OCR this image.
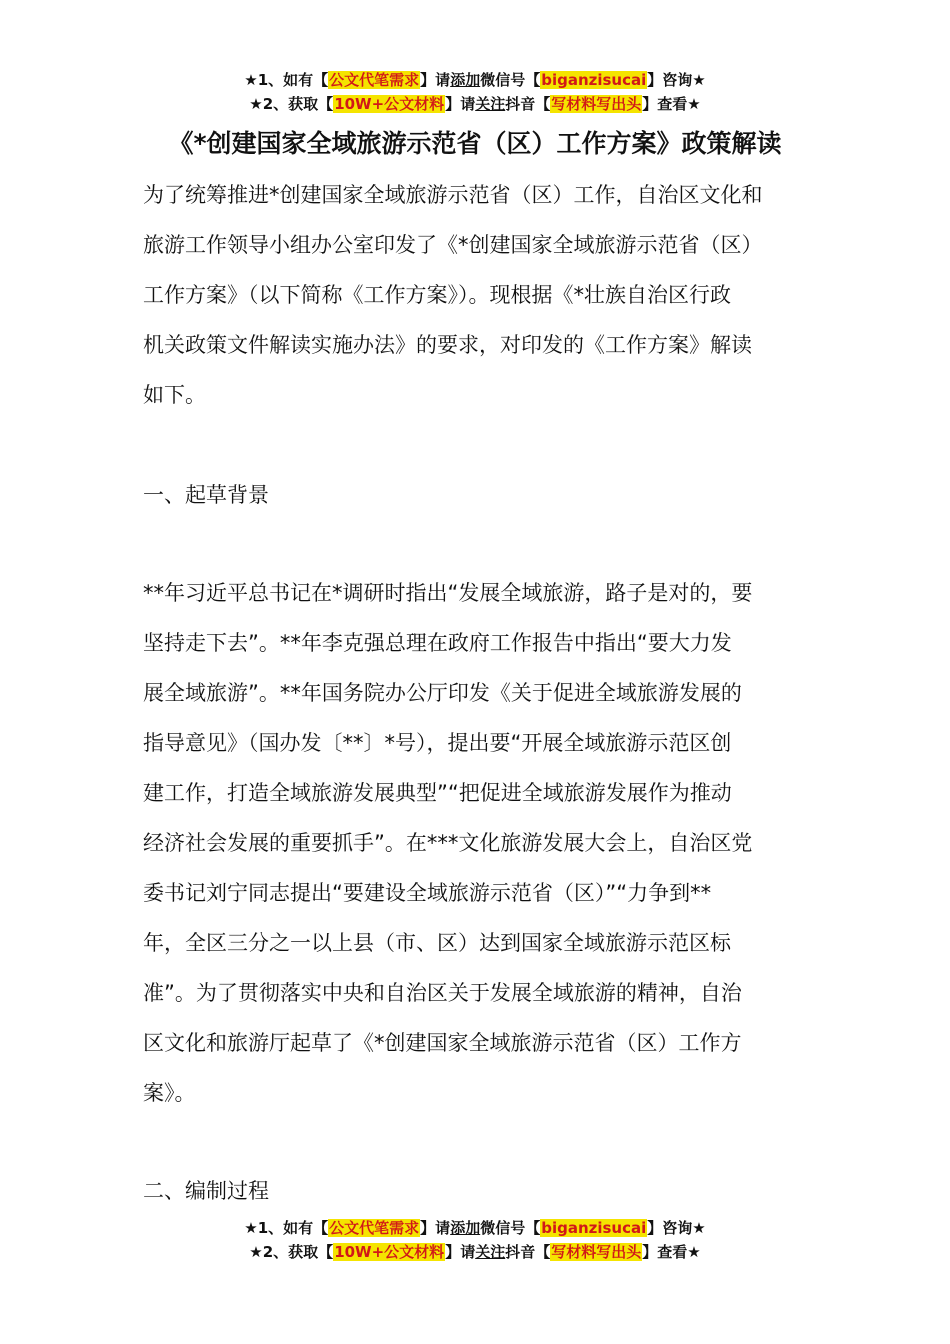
★1、如有【公文代笔需求】请添加微信号【biganzisucai】咨询★
★2、获取【10W+公文材料】请关注抖音【写材料写出头】查看★
《*创建国家全域旅游示范省（区）工作方案》政策解读
为了统筹推进*创建国家全域旅游示范省（区）工作，自治区文化和
旅游工作领导小组办公室印发了《*创建国家全域旅游示范省（区）
工作方案》（以下简称《工作方案》）。现根据《*壮族自治区行政
机关政策文件解读实施办法》的要求，对印发的《工作方案》解读
如下。
一、起草背景
**年习近平总书记在*调研时指出“发展全域旅游，路子是对的，要
坚持走下去”。**年李克强总理在政府工作报告中指出“要大力发
展全域旅游”。**年国务院办公厅印发《关于促进全域旅游发展的
指导意见》（国办发〔**〕*号），提出要“开展全域旅游示范区创
建工作，打造全域旅游发展典型”“把促进全域旅游发展作为推动
经济社会发展的重要抓手”。在***文化旅游发展大会上，自治区党
委书记刘宁同志提出“要建设全域旅游示范省（区）”“力争到**
年，全区三分之一以上县（市、区）达到国家全域旅游示范区标
准”。为了贯彻落实中央和自治区关于发展全域旅游的精神，自治
区文化和旅游厅起草了《*创建国家全域旅游示范省（区）工作方
案》。
二、编制过程
★1、如有【公文代笔需求】请添加微信号【biganzisucai】咨询★
★2、获取【10W+公文材料】请关注抖音【写材料写出头】查看★
